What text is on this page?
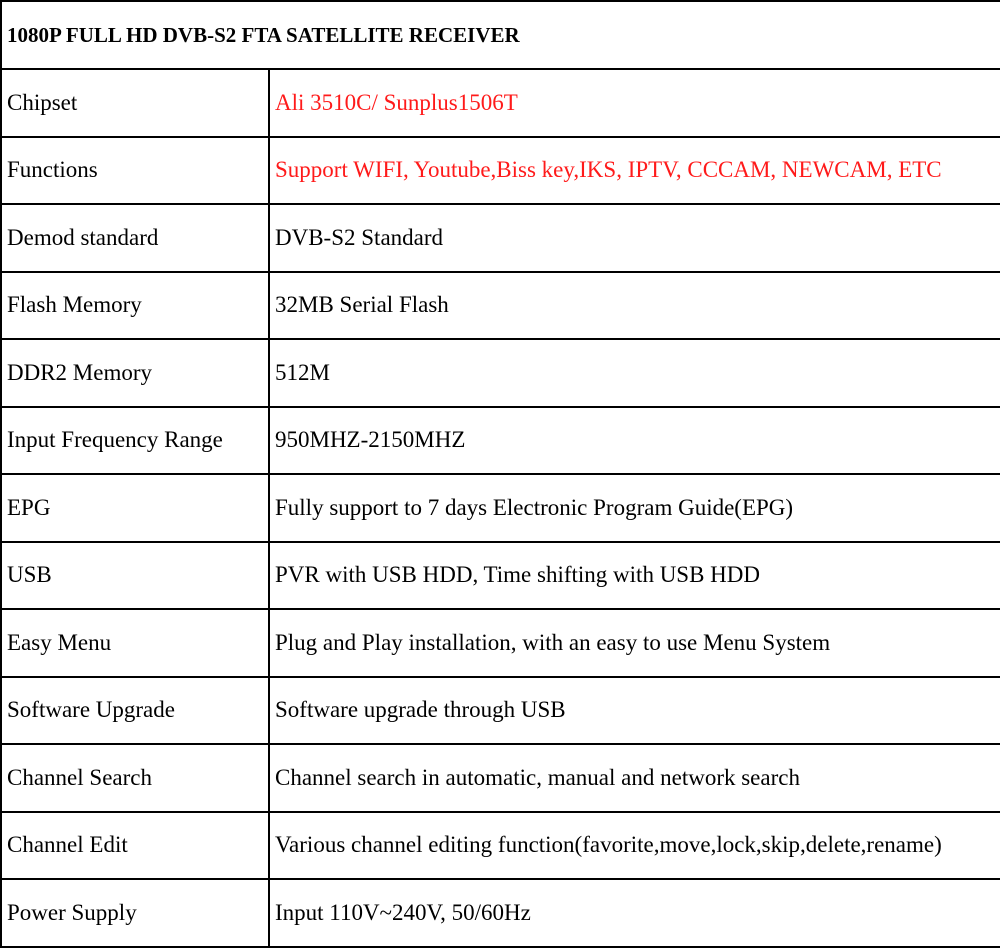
1080P FULL HD DVB-S2 FTA SATELLITE RECEIVER	
Chipset	Ali 3510C/ Sunplus1506T
Functions	Support WIFI, Youtube,Biss key,IKS, IPTV, CCCAM, NEWCAM, ETC
Demod standard	DVB-S2 Standard
Flash Memory	32MB Serial Flash
DDR2 Memory	512M
Input Frequency Range	950MHZ-2150MHZ
EPG	Fully support to 7 days Electronic Program Guide(EPG)
USB	PVR with USB HDD, Time shifting with USB HDD
Easy Menu	Plug and Play installation, with an easy to use Menu System
Software Upgrade	Software upgrade through USB
Channel Search	Channel search in automatic, manual and network search
Channel Edit	Various channel editing function(favorite,move,lock,skip,delete,rename)
Power Supply	Input 110V~240V, 50/60Hz
